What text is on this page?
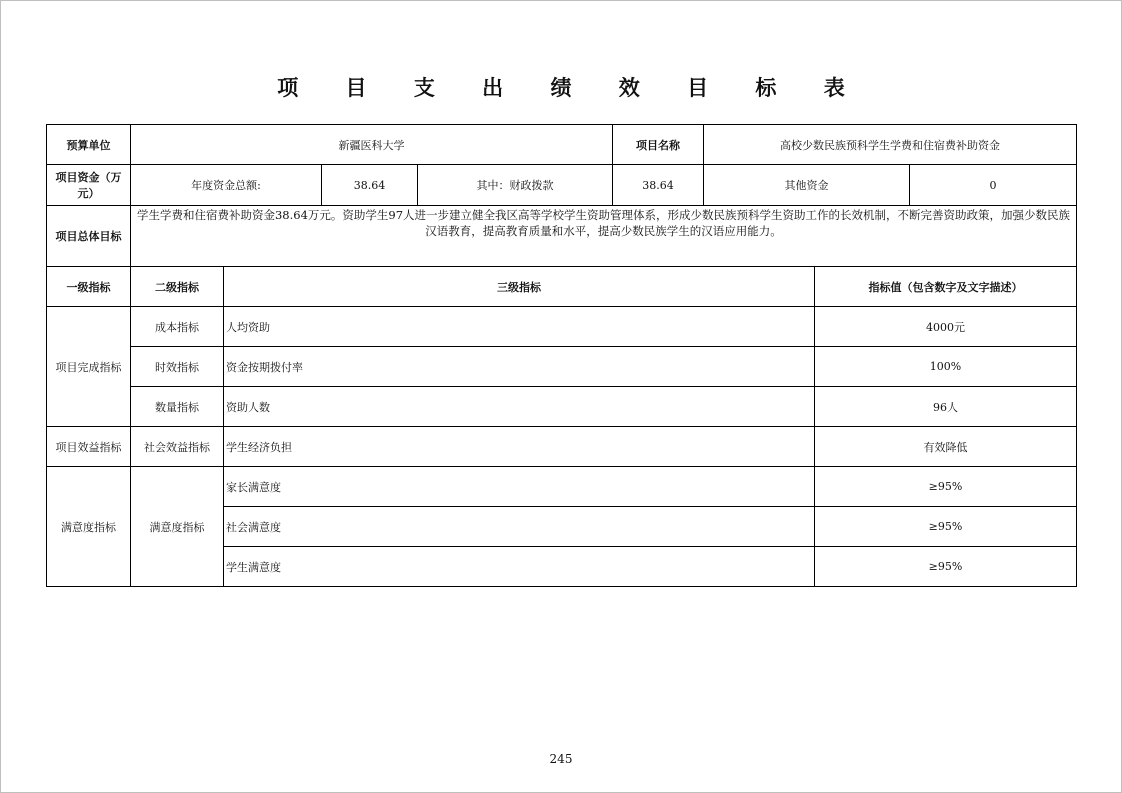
项 目 支 出 绩 效 目 标 表
预算单位	新疆医科大学				项目名称	高校少数民族预科学生学费和住宿费补助资金		
项目资金（万元）	年度资金总额:		38.64	其中：财政拨款	38.64	其他资金		0
项目总体目标	学生学费和住宿费补助资金38.64万元。资助学生97人进一步建立健全我区高等学校学生资助管理体系，形成少数民族预科学生资助工作的长效机制，不断完善资助政策，加强少数民族汉语教育，提高教育质量和水平，提高少数民族学生的汉语应用能力。							
一级指标	二级指标	三级指标					指标值（包含数字及文字描述）	
项目完成指标	成本指标	人均资助					4000元	
	时效指标	资金按期拨付率					100%	
	数量指标	资助人数					96人	
项目效益指标	社会效益指标	学生经济负担					有效降低	
满意度指标	满意度指标	家长满意度					≥95%	
		社会满意度					≥95%	
		学生满意度					≥95%	
245
